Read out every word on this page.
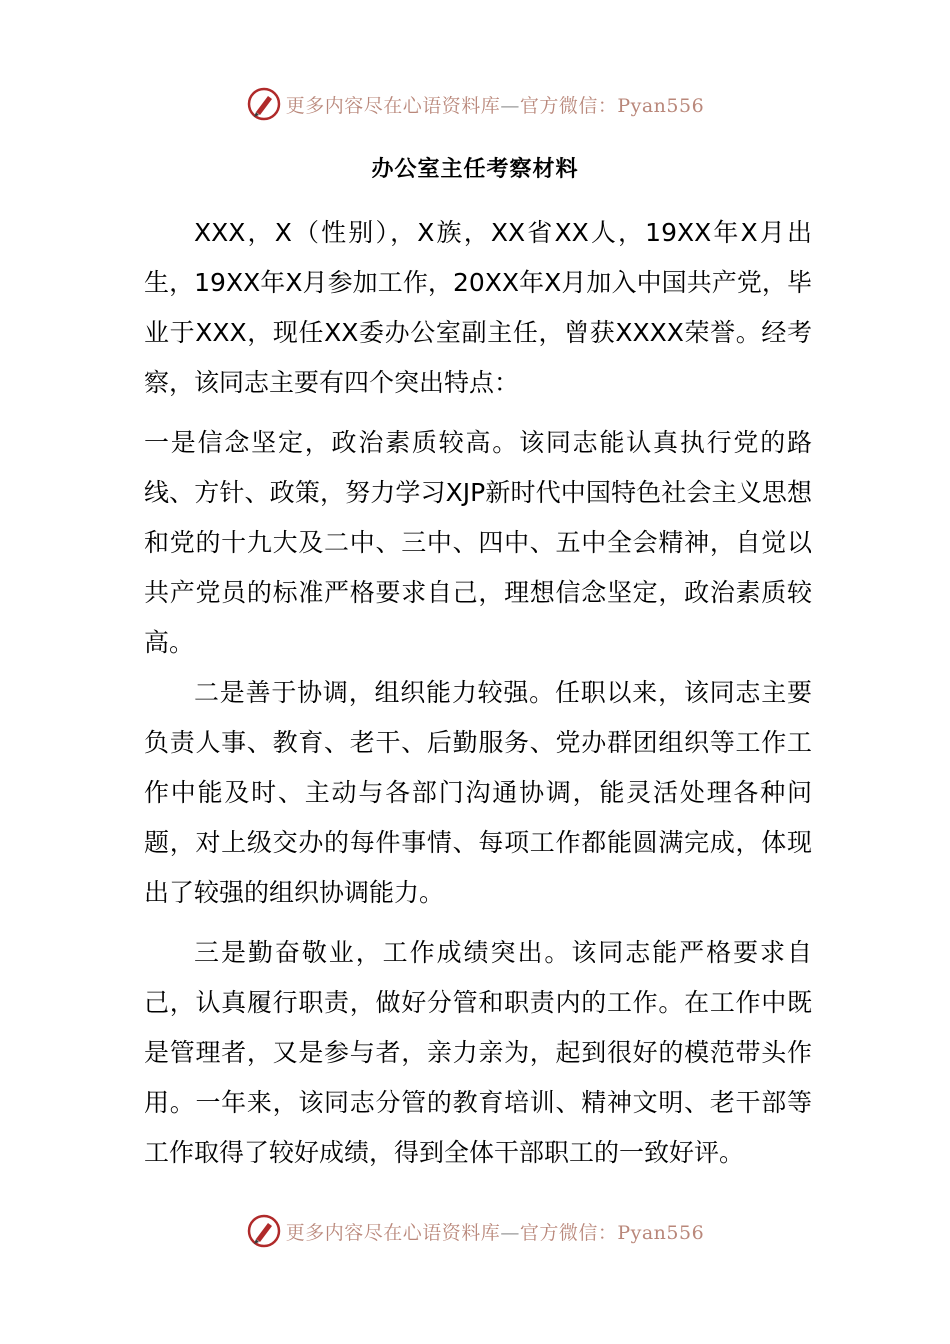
更多内容尽在心语资料库—官方微信：Pyan556
办公室主任考察材料
XXX，X（性别），X族，XX省XX人，19XX年X月出生，19XX年X月参加工作，20XX年X月加入中国共产党，毕业于XXX，现任XX委办公室副主任，曾获XXXX荣誉。经考察，该同志主要有四个突出特点：
一是信念坚定，政治素质较高。该同志能认真执行党的路线、方针、政策，努力学习XJP新时代中国特色社会主义思想和党的十九大及二中、三中、四中、五中全会精神，自觉以共产党员的标准严格要求自己，理想信念坚定，政治素质较高。
二是善于协调，组织能力较强。任职以来，该同志主要负责人事、教育、老干、后勤服务、党办群团组织等工作工作中能及时、主动与各部门沟通协调，能灵活处理各种问题，对上级交办的每件事情、每项工作都能圆满完成，体现出了较强的组织协调能力。
三是勤奋敬业，工作成绩突出。该同志能严格要求自己，认真履行职责，做好分管和职责内的工作。在工作中既是管理者，又是参与者，亲力亲为，起到很好的模范带头作用。一年来，该同志分管的教育培训、精神文明、老干部等工作取得了较好成绩，得到全体干部职工的一致好评。
更多内容尽在心语资料库—官方微信：Pyan556
